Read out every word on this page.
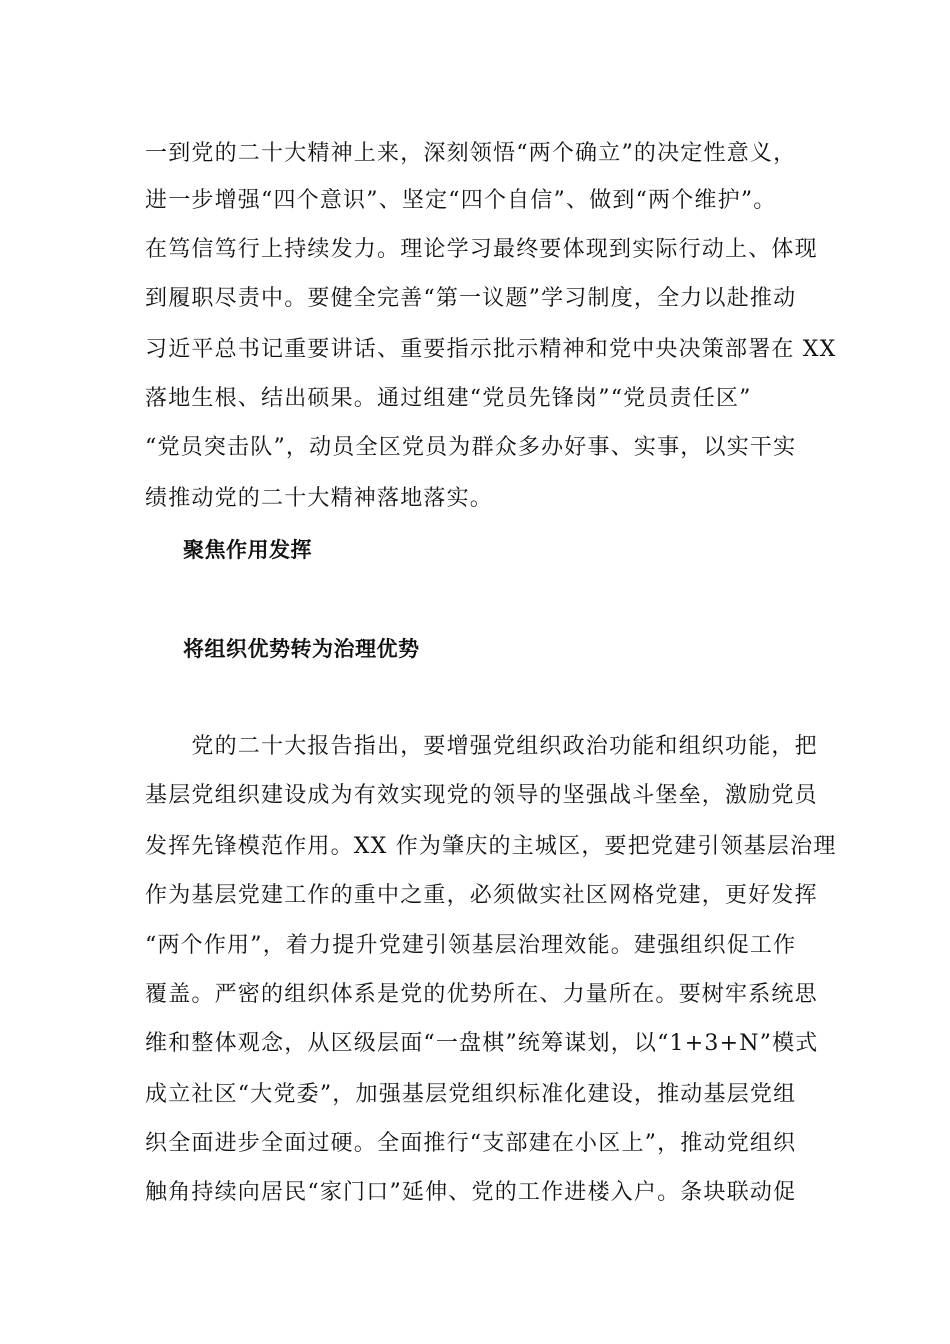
一到党的二十大精神上来，深刻领悟“两个确立”的决定性意义，
进一步增强“四个意识”、坚定“四个自信”、做到“两个维护”。
在笃信笃行上持续发力。理论学习最终要体现到实际行动上、体现
到履职尽责中。要健全完善“第一议题”学习制度，全力以赴推动
习近平总书记重要讲话、重要指示批示精神和党中央决策部署在 XX
落地生根、结出硕果。通过组建“党员先锋岗”“党员责任区”
“党员突击队”，动员全区党员为群众多办好事、实事，以实干实
绩推动党的二十大精神落地落实。
聚焦作用发挥
将组织优势转为治理优势
　　党的二十大报告指出，要增强党组织政治功能和组织功能，把
基层党组织建设成为有效实现党的领导的坚强战斗堡垒，激励党员
发挥先锋模范作用。XX 作为肇庆的主城区，要把党建引领基层治理
作为基层党建工作的重中之重，必须做实社区网格党建，更好发挥
“两个作用”，着力提升党建引领基层治理效能。建强组织促工作
覆盖。严密的组织体系是党的优势所在、力量所在。要树牢系统思
维和整体观念，从区级层面“一盘棋”统筹谋划，以“1+3+N”模式
成立社区“大党委”，加强基层党组织标准化建设，推动基层党组
织全面进步全面过硬。全面推行“支部建在小区上”，推动党组织
触角持续向居民“家门口”延伸、党的工作进楼入户。条块联动促
